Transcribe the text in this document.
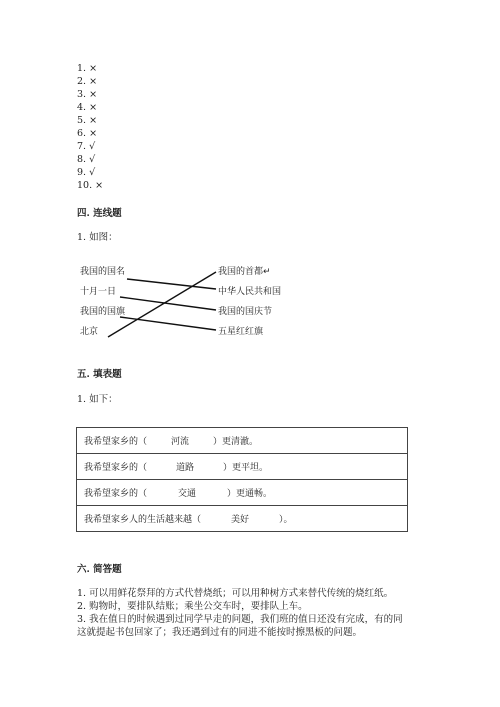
1. ×
2. ×
3. ×
4. ×
5. ×
6. ×
7. √
8. √
9. √
10. ×
四. 连线题
1. 如图：
我国的国名
十月一日
我国的国旗
北京
我国的首都↵
中华人民共和国
我国的国庆节
五星红红旗
五. 填表题
1. 如下：
我希望家乡的（	河流	）更清澈。
我希望家乡的（	道路	）更平坦。
我希望家乡的（	交通	）更通畅。
我希望家乡人的生活越来越（	美好	）。
六. 简答题
1. 可以用鲜花祭拜的方式代替烧纸；可以用种树方式来替代传统的烧红纸。
2. 购物时，要排队结账；乘坐公交车时，要排队上车。
3. 我在值日的时候遇到过同学早走的问题，我们班的值日还没有完成，有的同
这就提起书包回家了；我还遇到过有的同进不能按时擦黑板的问题。
